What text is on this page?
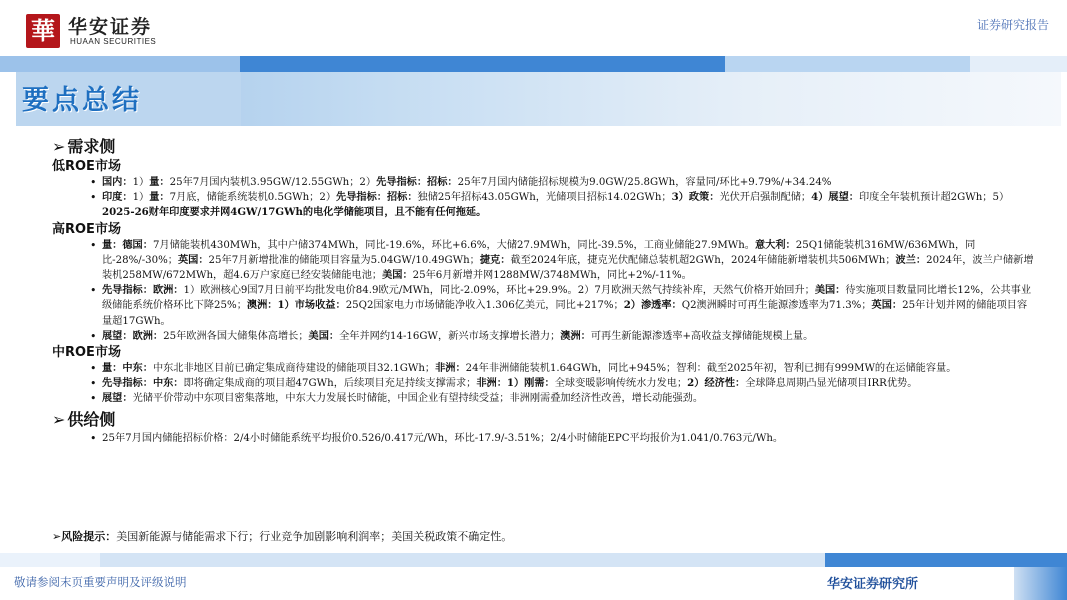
華 华安证券
HUAAN SECURITIES
证券研究报告
要点总结
➢ 需求侧
低ROE市场
• 国内：1）量：25年7月国内装机3.95GW/12.55GWh；2）先导指标：招标：25年7月国内储能招标规模为9.0GW/25.8GWh，容量同/环比+9.79%/+34.24%
• 印度：1）量：7月底，储能系统装机0.5GWh；2）先导指标：招标：独储25年招标43.05GWh，光储项目招标14.02GWh；3）政策：光伏开启强制配储；4）展望：印度全年装机预计超2GWh；5）2025-26财年印度要求并网4GW/17GWh的电化学储能项目，且不能有任何拖延。
高ROE市场
• 量：德国：7月储能装机430MWh，其中户储374MWh，同比-19.6%，环比+6.6%，大储27.9MWh，同比-39.5%，工商业储能27.9MWh。意大利：25Q1储能装机316MW/636MWh，同比-28%/-30%；英国：25年7月新增批准的储能项目容量为5.04GW/10.49GWh；捷克：截至2024年底，捷克光伏配储总装机超2GWh，2024年储能新增装机共506MWh；波兰：2024年，波兰户储新增装机258MW/672MWh，超4.6万户家庭已经安装储能电池；美国：25年6月新增并网1288MW/3748MWh，同比+2%/-11%。
• 先导指标：欧洲：1）欧洲核心9国7月日前平均批发电价84.9欧元/MWh，同比-2.09%，环比+29.9%。2）7月欧洲天然气持续补库，天然气价格开始回升；美国：待实施项目数量同比增长12%，公共事业级储能系统价格环比下降25%；澳洲：1）市场收益：25Q2国家电力市场储能净收入1.306亿美元，同比+217%；2）渗透率：Q2澳洲瞬时可再生能源渗透率为71.3%；英国：25年计划并网的储能项目容量超17GWh。
• 展望：欧洲：25年欧洲各国大储集体高增长；美国：全年并网约14-16GW，新兴市场支撑增长潜力；澳洲：可再生新能源渗透率+高收益支撑储能规模上量。
中ROE市场
• 量：中东：中东北非地区目前已确定集成商待建设的储能项目32.1GWh；非洲：24年非洲储能装机1.64GWh，同比+945%；智利：截至2025年初，智利已拥有999MW的在运储能容量。
• 先导指标：中东：即将确定集成商的项目超47GWh，后续项目充足持续支撑需求；非洲：1）刚需：全球变暖影响传统水力发电；2）经济性：全球降息周期凸显光储项目IRR优势。
• 展望：光储平价带动中东项目密集落地，中东大力发展长时储能，中国企业有望持续受益；非洲刚需叠加经济性改善，增长动能强劲。
➢ 供给侧
• 25年7月国内储能招标价格：2/4小时储能系统平均报价0.526/0.417元/Wh，环比-17.9/-3.51%；2/4小时储能EPC平均报价为1.041/0.763元/Wh。
➢风险提示：美国新能源与储能需求下行；行业竞争加剧影响利润率；美国关税政策不确定性。
敬请参阅末页重要声明及评级说明	华安证券研究所
